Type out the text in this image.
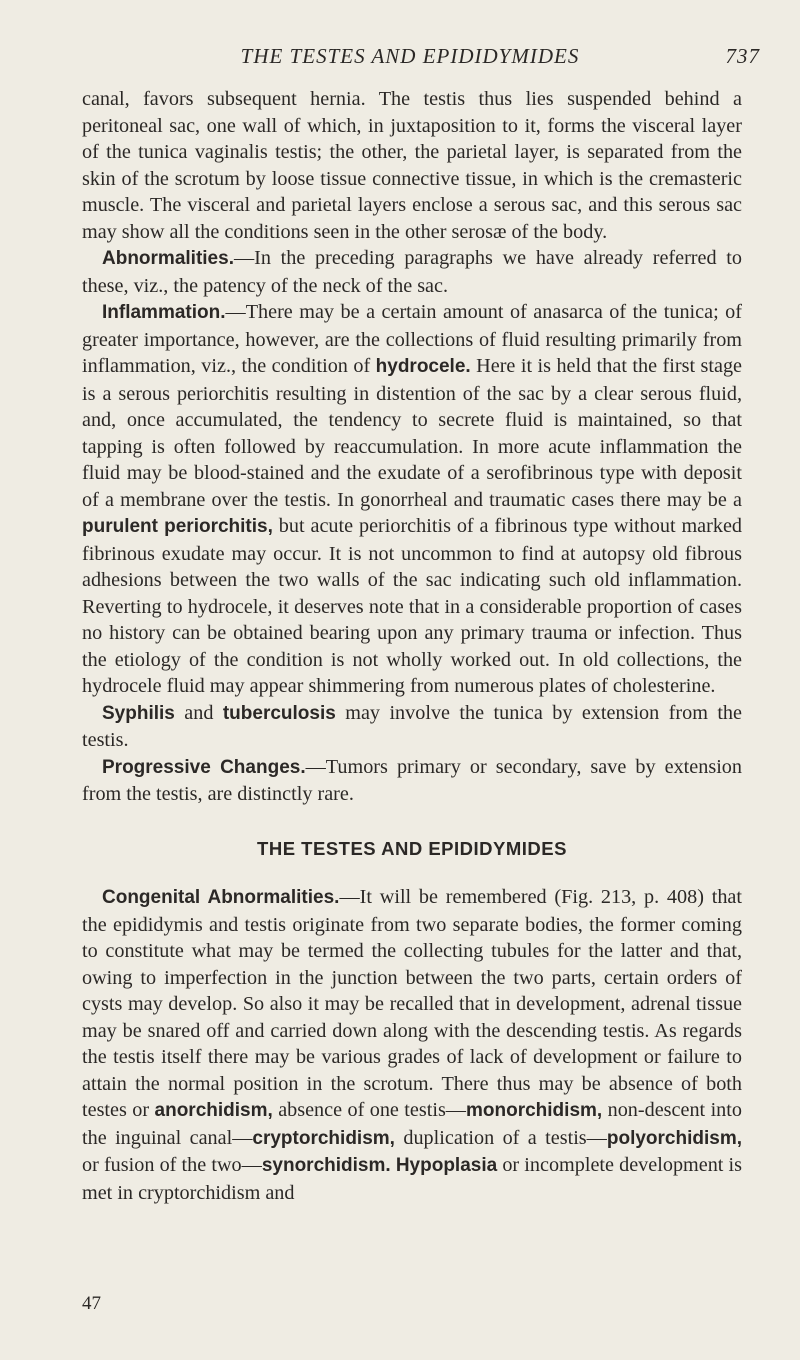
THE TESTES AND EPIDIDYMIDES	737

canal, favors subsequent hernia. The testis thus lies suspended behind a peritoneal sac, one wall of which, in juxtaposition to it, forms the visceral layer of the tunica vaginalis testis; the other, the parietal layer, is separated from the skin of the scrotum by loose tissue connective tissue, in which is the cremasteric muscle. The visceral and parietal layers enclose a serous sac, and this serous sac may show all the conditions seen in the other serosæ of the body.

Abnormalities.—In the preceding paragraphs we have already referred to these, viz., the patency of the neck of the sac.

Inflammation.—There may be a certain amount of anasarca of the tunica; of greater importance, however, are the collections of fluid resulting primarily from inflammation, viz., the condition of hydrocele. Here it is held that the first stage is a serous periorchitis resulting in distention of the sac by a clear serous fluid, and, once accumulated, the tendency to secrete fluid is maintained, so that tapping is often followed by reaccumulation. In more acute inflammation the fluid may be blood-stained and the exudate of a serofibrinous type with deposit of a membrane over the testis. In gonorrheal and traumatic cases there may be a purulent periorchitis, but acute periorchitis of a fibrinous type without marked fibrinous exudate may occur. It is not uncommon to find at autopsy old fibrous adhesions between the two walls of the sac indicating such old inflammation. Reverting to hydrocele, it deserves note that in a considerable proportion of cases no history can be obtained bearing upon any primary trauma or infection. Thus the etiology of the condition is not wholly worked out. In old collections, the hydrocele fluid may appear shimmering from numerous plates of cholesterine.

Syphilis and tuberculosis may involve the tunica by extension from the testis.

Progressive Changes.—Tumors primary or secondary, save by extension from the testis, are distinctly rare.

THE TESTES AND EPIDIDYMIDES

Congenital Abnormalities.—It will be remembered (Fig. 213, p. 408) that the epididymis and testis originate from two separate bodies, the former coming to constitute what may be termed the collecting tubules for the latter and that, owing to imperfection in the junction between the two parts, certain orders of cysts may develop. So also it may be recalled that in development, adrenal tissue may be snared off and carried down along with the descending testis. As regards the testis itself there may be various grades of lack of development or failure to attain the normal position in the scrotum. There thus may be absence of both testes or anorchidism, absence of one testis—monorchidism, non-descent into the inguinal canal—cryptorchidism, duplication of a testis—polyorchidism, or fusion of the two—synorchidism. Hypoplasia or incomplete development is met in cryptorchidism and

47
